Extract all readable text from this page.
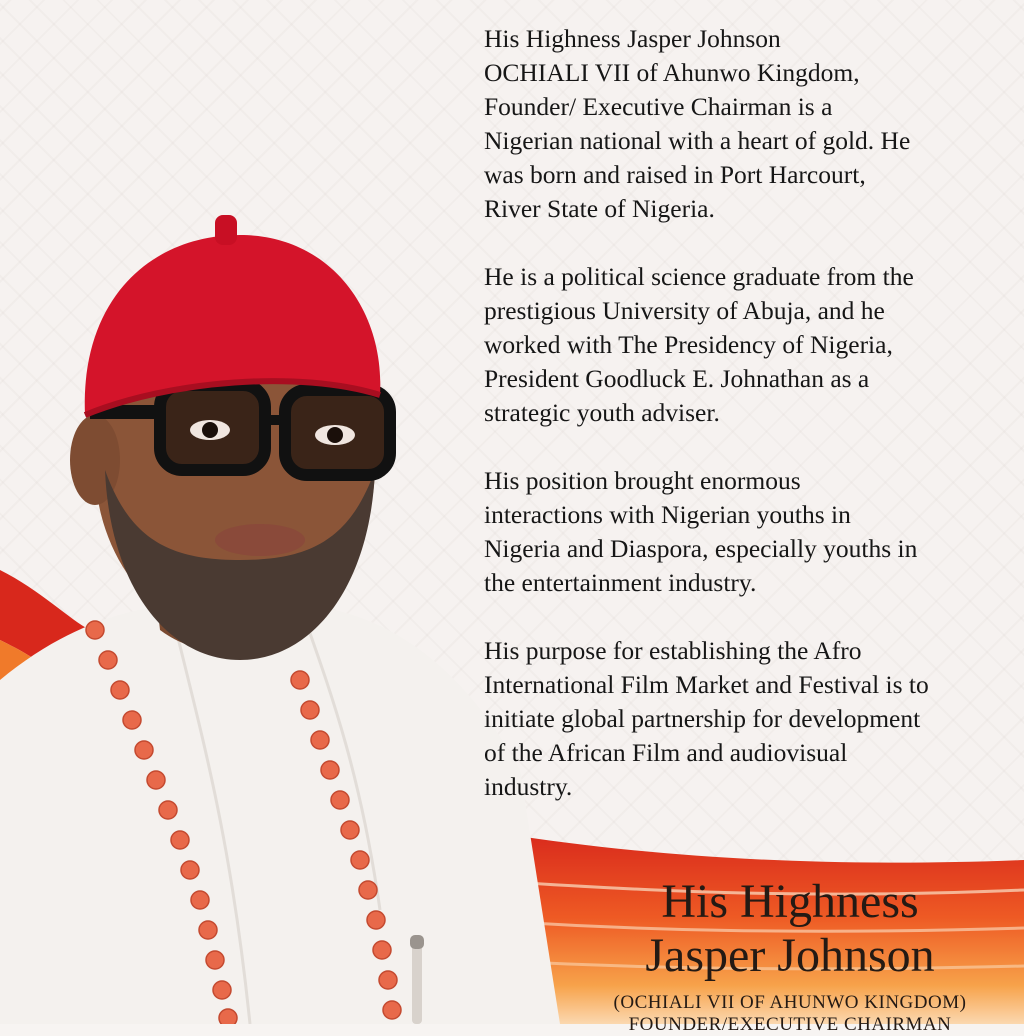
His Highness Jasper Johnson
OCHIALI VII of Ahunwo Kingdom,
Founder/ Executive Chairman is a
Nigerian national with a heart of gold. He
was born and raised in Port Harcourt,
River State of Nigeria.

He is a political science graduate from the
prestigious University of Abuja, and he
worked with The Presidency of Nigeria,
President Goodluck E. Johnathan as a
strategic youth adviser.

His position brought enormous
interactions with Nigerian youths in
Nigeria and Diaspora, especially youths in
the entertainment industry.

His purpose for establishing the Afro
International Film Market and Festival is to
initiate global partnership for development
of the African Film and audiovisual
industry.

His Highness
Jasper Johnson
(OCHIALI VII OF AHUNWO KINGDOM)
FOUNDER/EXECUTIVE CHAIRMAN
